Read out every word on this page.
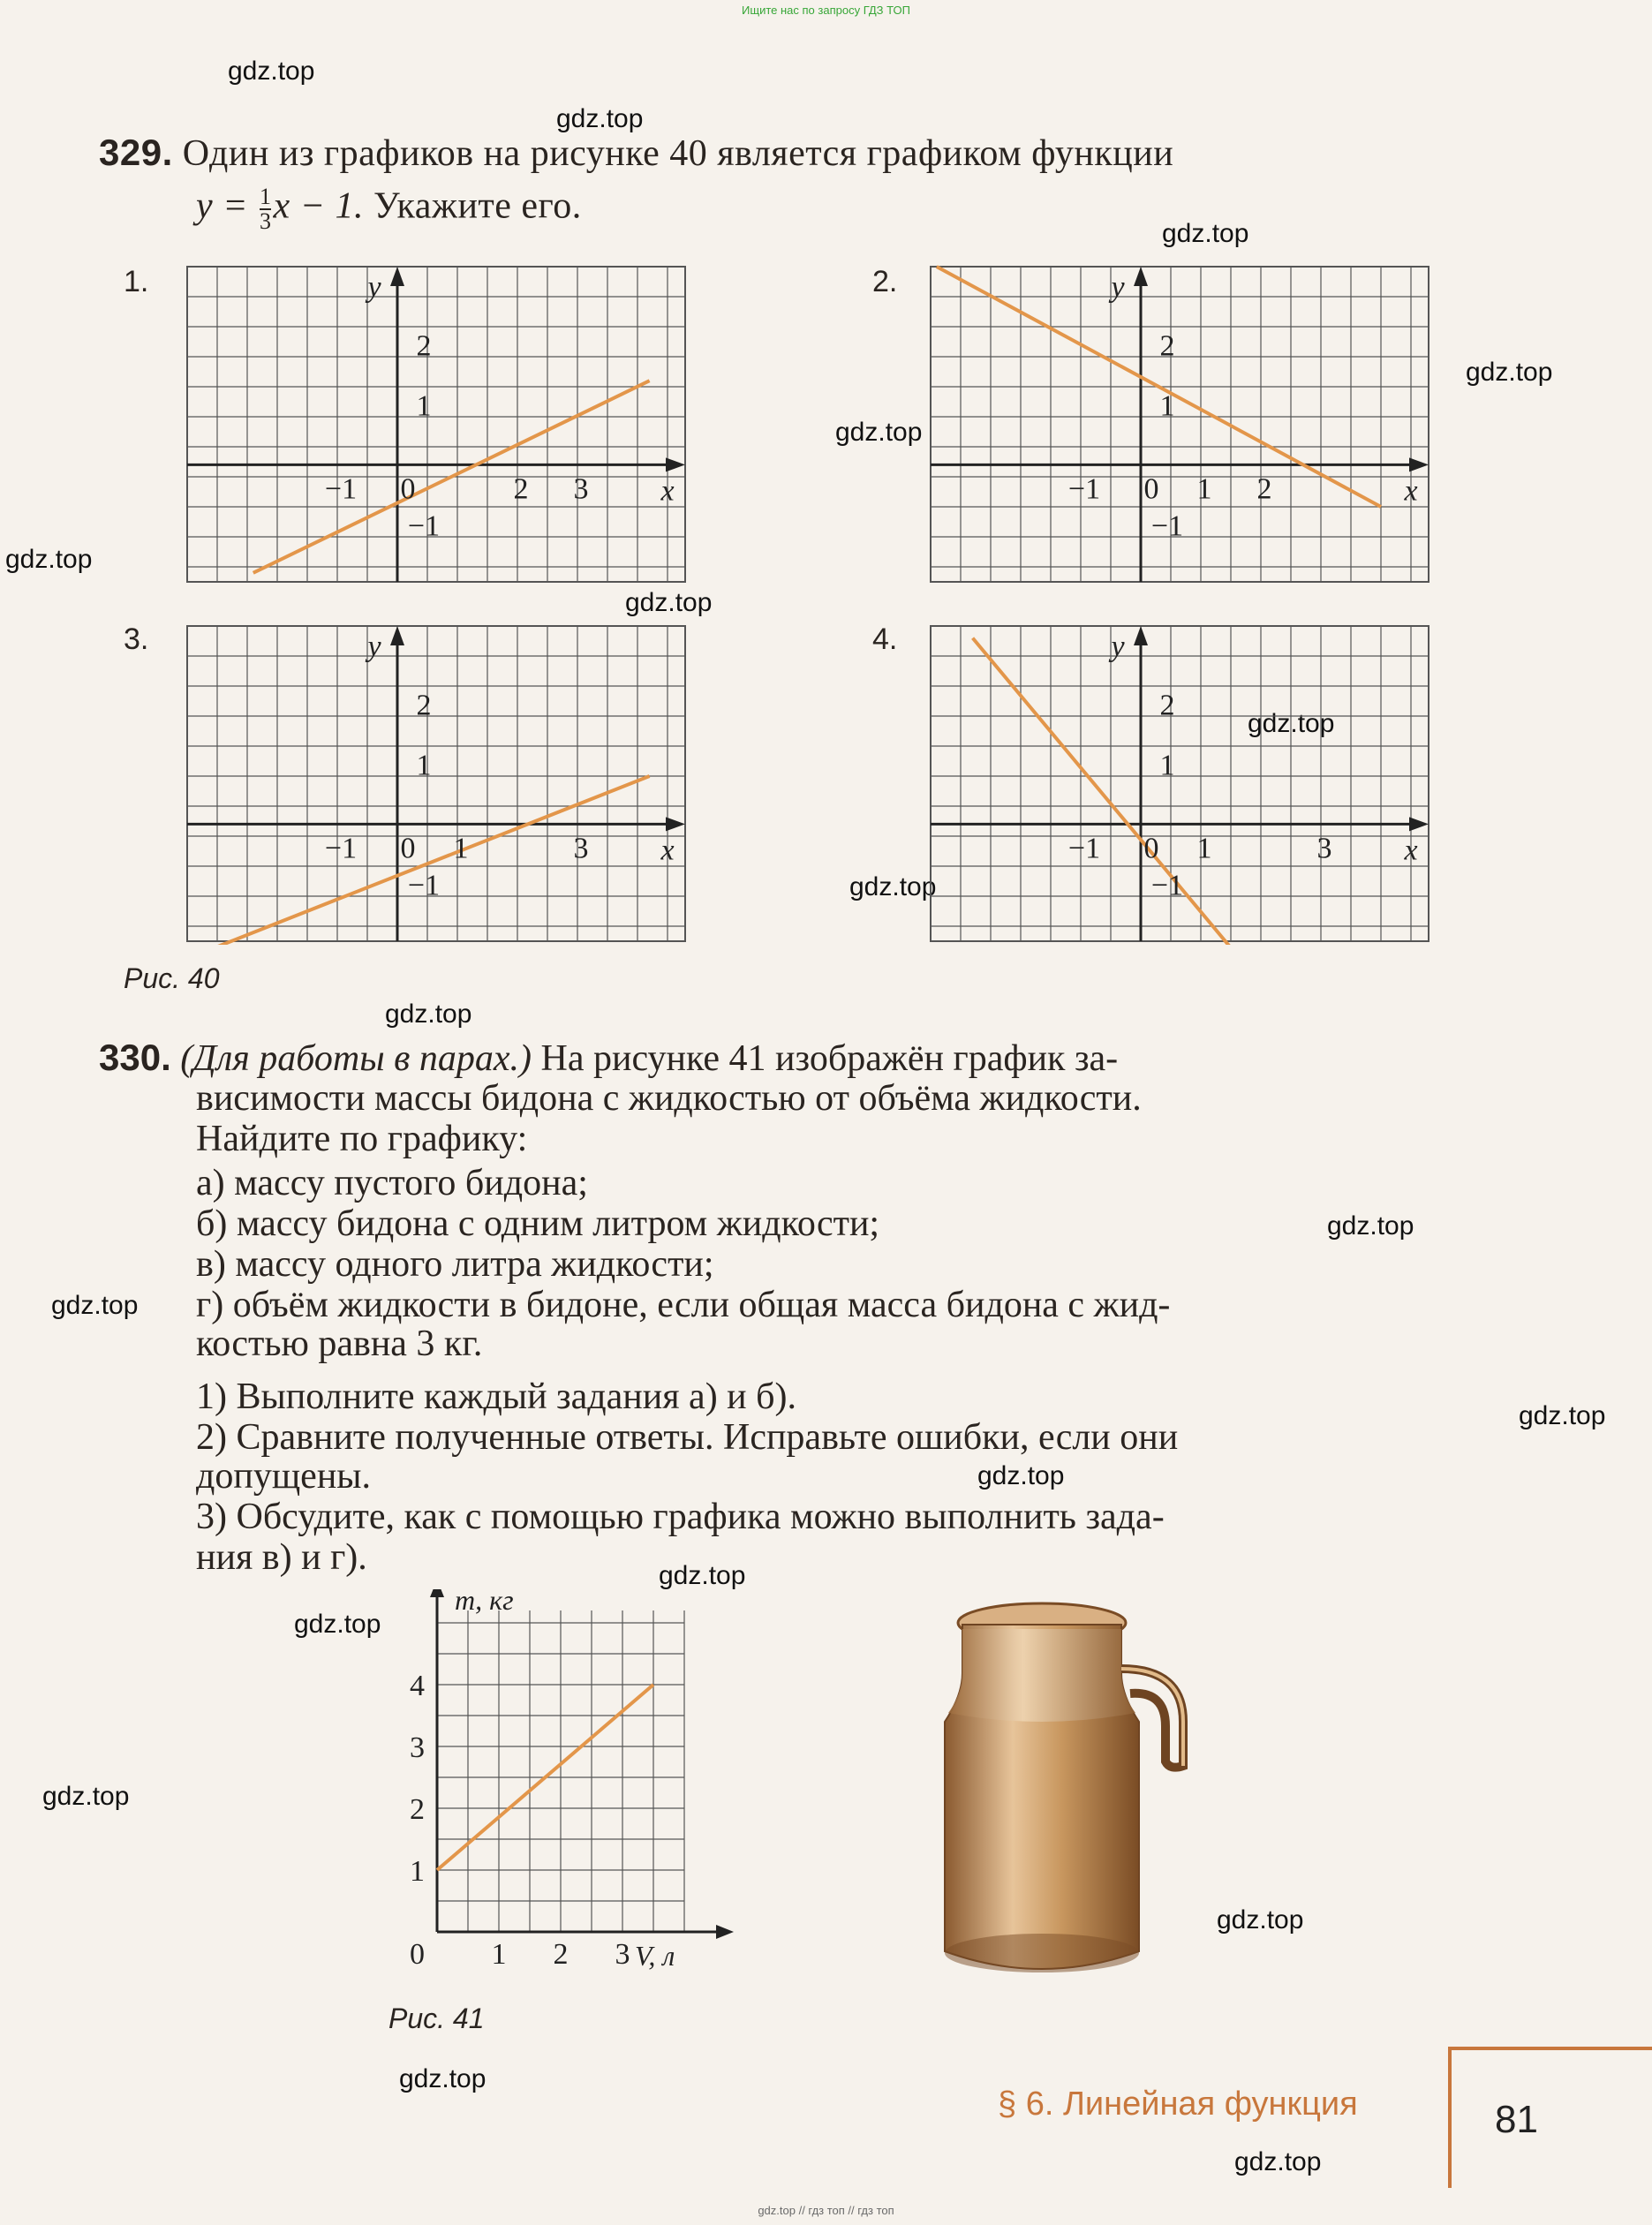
Ищите нас по запросу ГДЗ ТОП
gdz.top
gdz.top
gdz.top
gdz.top
gdz.top
gdz.top
gdz.top
gdz.top
gdz.top
gdz.top
gdz.top
gdz.top
gdz.top
gdz.top
gdz.top
gdz.top
gdz.top
gdz.top
gdz.top
gdz.top
329. Один из графиков на рисунке 40 является графиком функции
$y = \frac{1}{3}$ x − 1. Укажите его.
1.	2.
3.	4.
−1 0	2 3
2
1
−1
x
y
−1 0 1 2
2
1
−1
x
y
−1 0 1	3
2
1
−1
x
y
−1 0 1	3
2
1
−1
x
y
Рис. 40
330. (Для работы в парах.) На рисунке 41 изображён график за-
висимости массы бидона с жидкостью от объёма жидкости.
Найдите по графику:
а) массу пустого бидона;
б) массу бидона с одним литром жидкости;
в) массу одного литра жидкости;
г) объём жидкости в бидоне, если общая масса бидона с жид-
костью равна 3 кг.
1) Выполните каждый задания а) и б).
2) Сравните полученные ответы. Исправьте ошибки, если они
допущены.
3) Обсудите, как с помощью графика можно выполнить зада-
ния в) и г).
1 2 3
4
3
2
1
0
m, кг
V, л
Рис. 41
§ 6. Линейная функция	81
gdz.top // гдз топ // гдз топ
